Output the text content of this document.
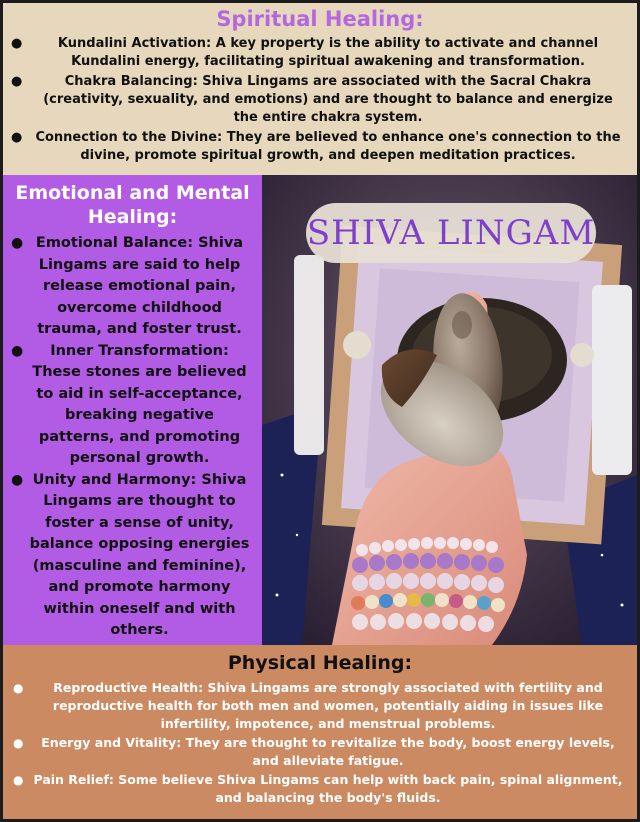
Spiritual Healing:
●	Kundalini Activation: A key property is the ability to activate and channel Kundalini energy, facilitating spiritual awakening and transformation.
●	Chakra Balancing: Shiva Lingams are associated with the Sacral Chakra (creativity, sexuality, and emotions) and are thought to balance and energize the entire chakra system.
● Connection to the Divine: They are believed to enhance one's connection to the divine, promote spiritual growth, and deepen meditation practices.
Emotional and Mental Healing:
● Emotional Balance: Shiva Lingams are said to help release emotional pain, overcome childhood trauma, and foster trust.
● Inner Transformation: These stones are believed to aid in self-acceptance, breaking negative patterns, and promoting personal growth.
● Unity and Harmony: Shiva Lingams are thought to foster a sense of unity, balance opposing energies (masculine and feminine), and promote harmony within oneself and with others.
SHIVA LINGAM
Physical Healing:
● Reproductive Health: Shiva Lingams are strongly associated with fertility and reproductive health for both men and women, potentially aiding in issues like infertility, impotence, and menstrual problems.
● Energy and Vitality: They are thought to revitalize the body, boost energy levels, and alleviate fatigue.
● Pain Relief: Some believe Shiva Lingams can help with back pain, spinal alignment, and balancing the body's fluids.
